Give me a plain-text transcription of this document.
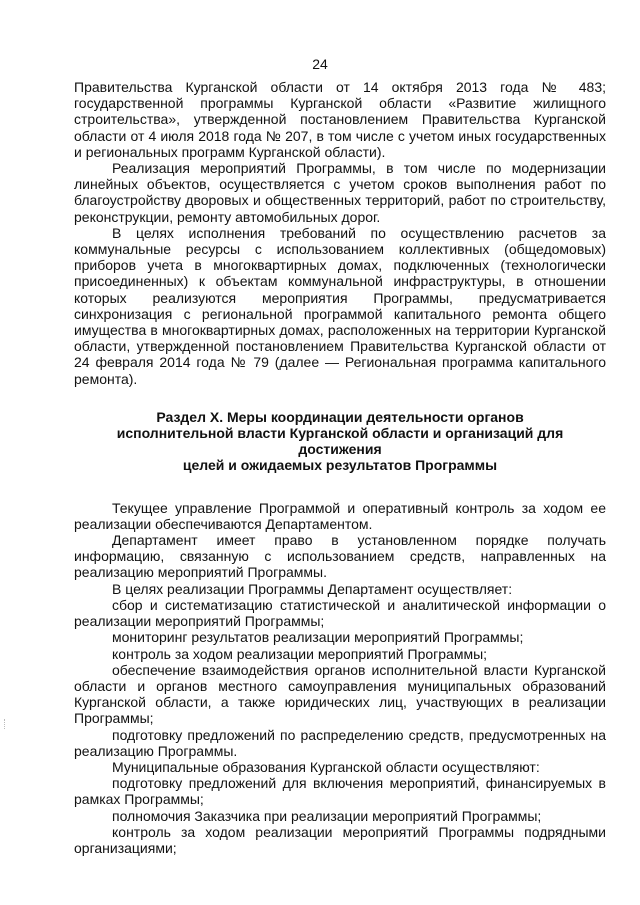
24

Правительства Курганской области от 14 октября 2013 года № 483; государственной программы Курганской области «Развитие жилищного строительства», утвержденной постановлением Правительства Курганской области от 4 июля 2018 года № 207, в том числе с учетом иных государственных и региональных программ Курганской области).

Реализация мероприятий Программы, в том числе по модернизации линейных объектов, осуществляется с учетом сроков выполнения работ по благоустройству дворовых и общественных территорий, работ по строительству, реконструкции, ремонту автомобильных дорог.

В целях исполнения требований по осуществлению расчетов за коммунальные ресурсы с использованием коллективных (общедомовых) приборов учета в многоквартирных домах, подключенных (технологически присоединенных) к объектам коммунальной инфраструктуры, в отношении которых реализуются мероприятия Программы, предусматривается синхронизация с региональной программой капитального ремонта общего имущества в многоквартирных домах, расположенных на территории Курганской области, утвержденной постановлением Правительства Курганской области от 24 февраля 2014 года № 79 (далее — Региональная программа капитального ремонта).

Раздел X. Меры координации деятельности органов
исполнительной власти Курганской области и организаций для достижения
целей и ожидаемых результатов Программы

Текущее управление Программой и оперативный контроль за ходом ее реализации обеспечиваются Департаментом.

Департамент имеет право в установленном порядке получать информацию, связанную с использованием средств, направленных на реализацию мероприятий Программы.

В целях реализации Программы Департамент осуществляет:

сбор и систематизацию статистической и аналитической информации о реализации мероприятий Программы;

мониторинг результатов реализации мероприятий Программы;

контроль за ходом реализации мероприятий Программы;

обеспечение взаимодействия органов исполнительной власти Курганской области и органов местного самоуправления муниципальных образований Курганской области, а также юридических лиц, участвующих в реализации Программы;

подготовку предложений по распределению средств, предусмотренных на реализацию Программы.

Муниципальные образования Курганской области осуществляют:

подготовку предложений для включения мероприятий, финансируемых в рамках Программы;

полномочия Заказчика при реализации мероприятий Программы;

контроль за ходом реализации мероприятий Программы подрядными организациями;
